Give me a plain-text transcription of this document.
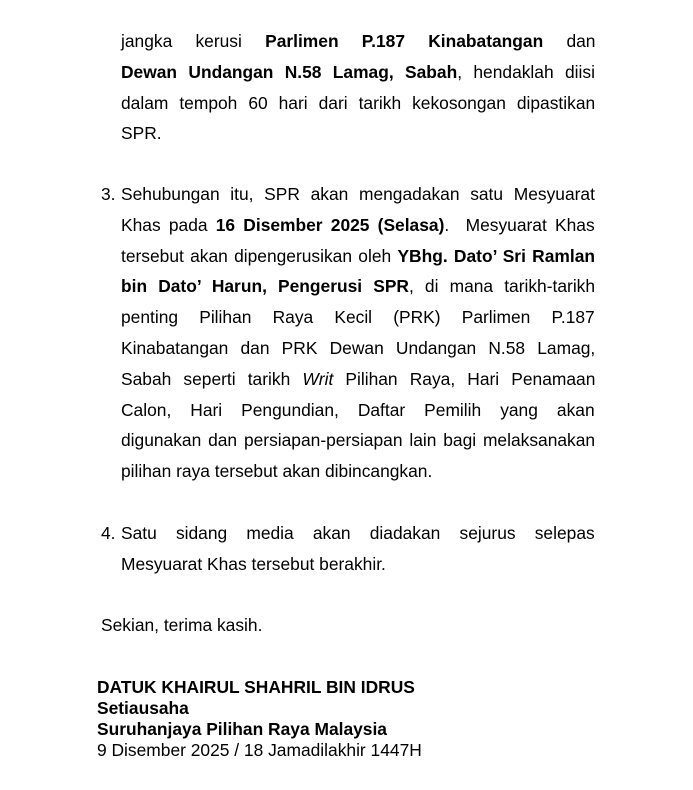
jangka kerusi Parlimen P.187 Kinabatangan dan
Dewan Undangan N.58 Lamag, Sabah, hendaklah diisi
dalam tempoh 60 hari dari tarikh kekosongan dipastikan
SPR.
3. Sehubungan itu, SPR akan mengadakan satu Mesyuarat
Khas pada 16 Disember 2025 (Selasa).  Mesyuarat Khas
tersebut akan dipengerusikan oleh YBhg. Dato’ Sri Ramlan
bin Dato’ Harun, Pengerusi SPR, di mana tarikh-tarikh
penting Pilihan Raya Kecil (PRK) Parlimen P.187
Kinabatangan dan PRK Dewan Undangan N.58 Lamag,
Sabah seperti tarikh Writ Pilihan Raya, Hari Penamaan
Calon, Hari Pengundian, Daftar Pemilih yang akan
digunakan dan persiapan-persiapan lain bagi melaksanakan
pilihan raya tersebut akan dibincangkan.
4. Satu sidang media akan diadakan sejurus selepas
Mesyuarat Khas tersebut berakhir.
Sekian, terima kasih.
DATUK KHAIRUL SHAHRIL BIN IDRUS
Setiausaha
Suruhanjaya Pilihan Raya Malaysia
9 Disember 2025 / 18 Jamadilakhir 1447H
